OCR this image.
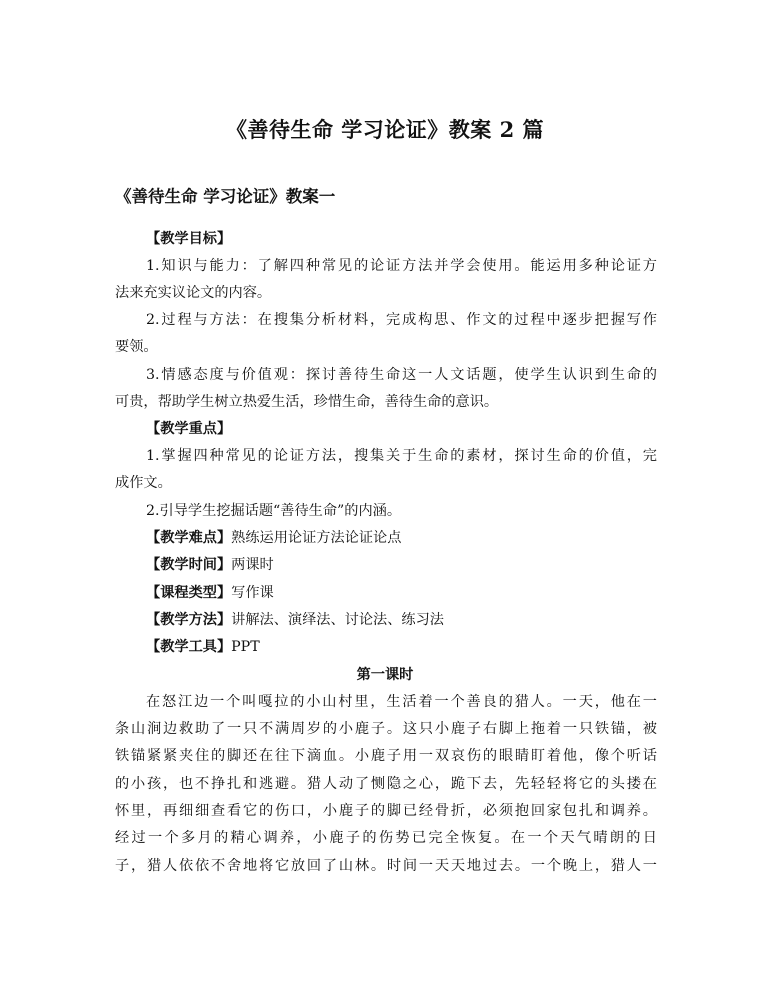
《善待生命 学习论证》教案 2 篇
《善待生命 学习论证》教案一
【教学目标】
1.知识与能力：了解四种常见的论证方法并学会使用。能运用多种论证方
法来充实议论文的内容。
2.过程与方法：在搜集分析材料，完成构思、作文的过程中逐步把握写作
要领。
3.情感态度与价值观：探讨善待生命这一人文话题，使学生认识到生命的
可贵，帮助学生树立热爱生活，珍惜生命，善待生命的意识。
【教学重点】
1.掌握四种常见的论证方法，搜集关于生命的素材，探讨生命的价值，完
成作文。
2.引导学生挖掘话题“善待生命”的内涵。
【教学难点】熟练运用论证方法论证论点
【教学时间】两课时
【课程类型】写作课
【教学方法】讲解法、演绎法、讨论法、练习法
【教学工具】PPT
第一课时
在怒江边一个叫嘎拉的小山村里，生活着一个善良的猎人。一天，他在一
条山涧边救助了一只不满周岁的小鹿子。这只小鹿子右脚上拖着一只铁锚，被
铁锚紧紧夹住的脚还在往下滴血。小鹿子用一双哀伤的眼睛盯着他，像个听话
的小孩，也不挣扎和逃避。猎人动了恻隐之心，跪下去，先轻轻将它的头搂在
怀里，再细细查看它的伤口，小鹿子的脚已经骨折，必须抱回家包扎和调养。
经过一个多月的精心调养，小鹿子的伤势已完全恢复。在一个天气晴朗的日
子，猎人依依不舍地将它放回了山林。时间一天天地过去。一个晚上，猎人一
